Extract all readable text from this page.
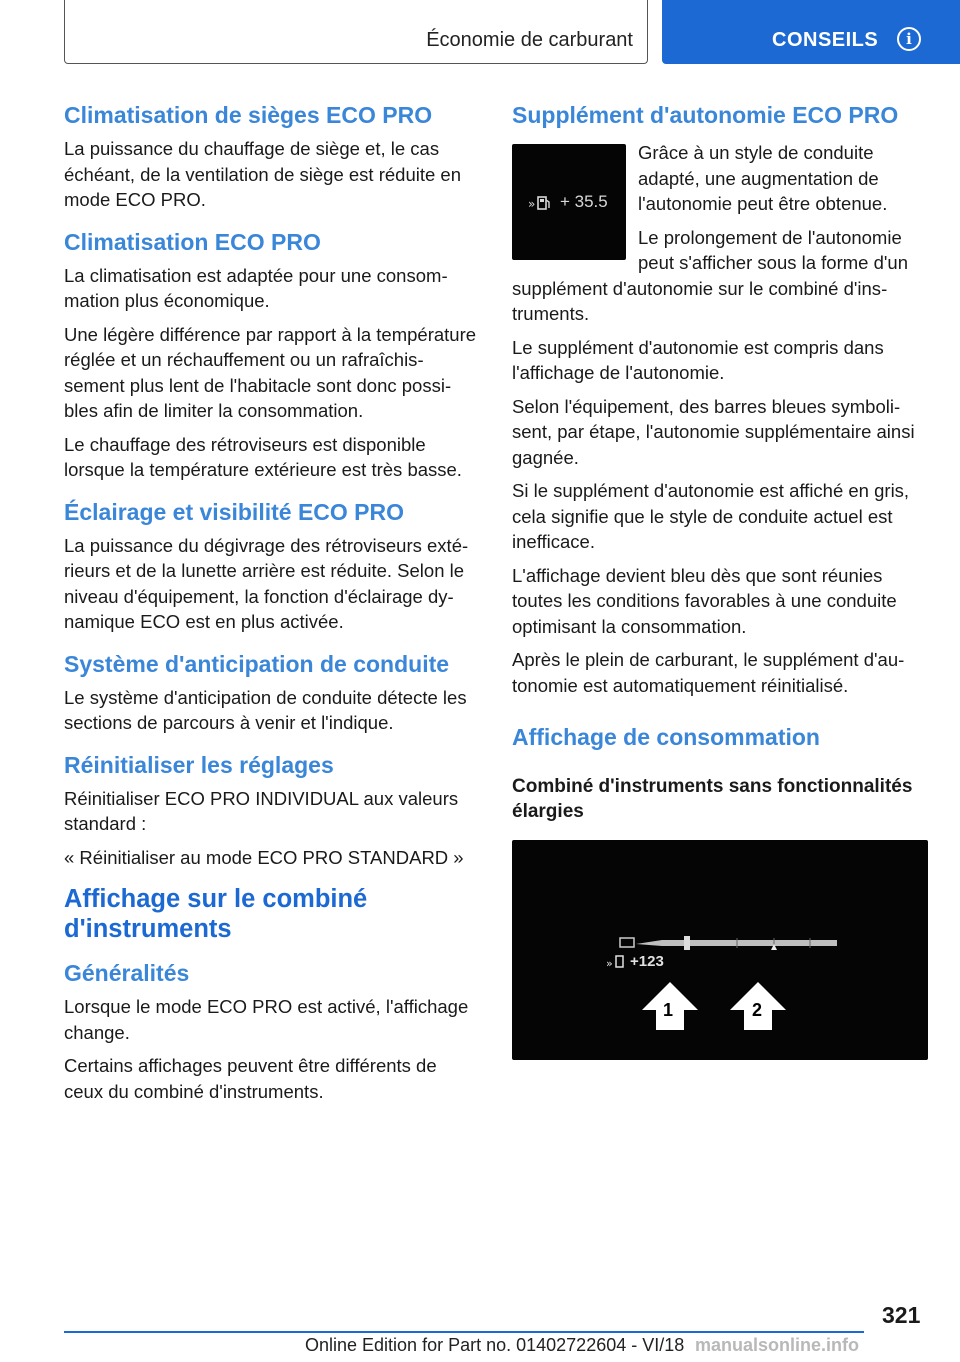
Économie de carburant	CONSEILS	i
Climatisation de sièges ECO PRO

La puissance du chauffage de siège et, le cas échéant, de la ventilation de siège est réduite en mode ECO PRO.

Climatisation ECO PRO

La climatisation est adaptée pour une consommation plus économique.

Une légère différence par rapport à la température réglée et un réchauffement ou un rafraîchissement plus lent de l'habitacle sont donc possibles afin de limiter la consommation.

Le chauffage des rétroviseurs est disponible lorsque la température extérieure est très basse.

Éclairage et visibilité ECO PRO

La puissance du dégivrage des rétroviseurs extérieurs et de la lunette arrière est réduite. Selon le niveau d'équipement, la fonction d'éclairage dynamique ECO est en plus activée.

Système d'anticipation de conduite

Le système d'anticipation de conduite détecte les sections de parcours à venir et l'indique.

Réinitialiser les réglages

Réinitialiser ECO PRO INDIVIDUAL aux valeurs standard :

« Réinitialiser au mode ECO PRO STANDARD »

Affichage sur le combiné d'instruments
Généralités

Lorsque le mode ECO PRO est activé, l'affichage change.

Certains affichages peuvent être différents de ceux du combiné d'instruments.

Supplément d'autonomie ECO PRO
» + 35.5

Grâce à un style de conduite adapté, une augmentation de l'autonomie peut être obtenue.

Le prolongement de l'autonomie peut s'afficher sous la forme d'un supplément d'autonomie sur le combiné d'instruments.

Le supplément d'autonomie est compris dans l'affichage de l'autonomie.

Selon l'équipement, des barres bleues symbolisent, par étape, l'autonomie supplémentaire ainsi gagnée.

Si le supplément d'autonomie est affiché en gris, cela signifie que le style de conduite actuel est inefficace.

L'affichage devient bleu dès que sont réunies toutes les conditions favorables à une conduite optimisant la consommation.

Après le plein de carburant, le supplément d'autonomie est automatiquement réinitialisé.

Affichage de consommation
Combiné d'instruments sans fonctionnalités élargies
» +123
1	2
321
Online Edition for Part no. 01402722604 - VI/18 manualsonline.info
